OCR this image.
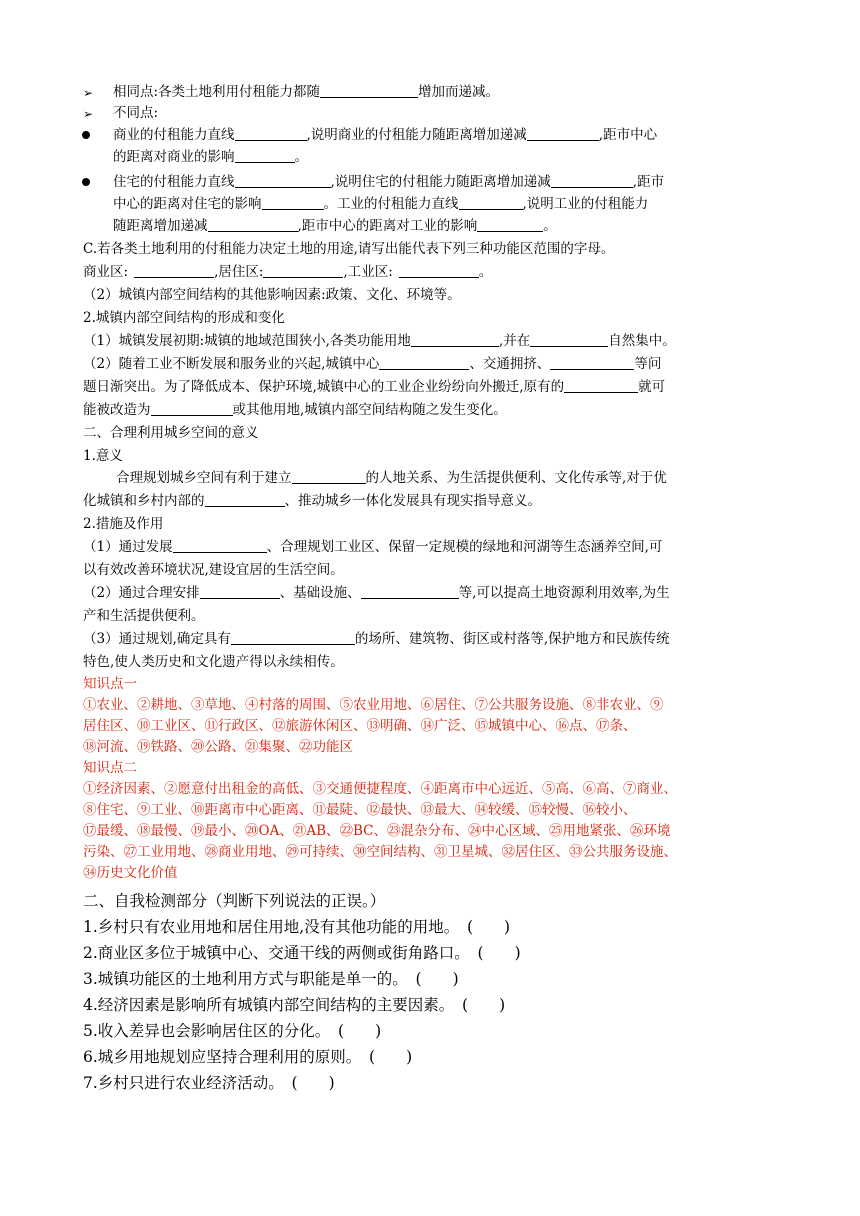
➢ 相同点:各类土地利用付租能力都随	增加而递减。
➢ 不同点:
商业的付租能力直线	,说明商业的付租能力随距离增加递减	,距市中心
的距离对商业的影响	。
住宅的付租能力直线	,说明住宅的付租能力随距离增加递减	,距市
中心的距离对住宅的影响	。工业的付租能力直线	,说明工业的付租能力
随距离增加递减	,距市中心的距离对工业的影响	。
C.若各类土地利用的付租能力决定土地的用途,请写出能代表下列三种功能区范围的字母。
商业区:	,居住区:	,工业区:	。
（2）城镇内部空间结构的其他影响因素:政策、文化、环境等。
2.城镇内部空间结构的形成和变化
（1）城镇发展初期:城镇的地域范围狭小,各类功能用地	,并在	自然集中。
（2）随着工业不断发展和服务业的兴起,城镇中心	、交通拥挤、	等问
题日渐突出。为了降低成本、保护环境,城镇中心的工业企业纷纷向外搬迁,原有的	就可
能被改造为	或其他用地,城镇内部空间结构随之发生变化。
二、合理利用城乡空间的意义
1.意义
合理规划城乡空间有利于建立	的人地关系、为生活提供便利、文化传承等,对于优
化城镇和乡村内部的	、推动城乡一体化发展具有现实指导意义。
2.措施及作用
（1）通过发展	、合理规划工业区、保留一定规模的绿地和河湖等生态涵养空间,可
以有效改善环境状况,建设宜居的生活空间。
（2）通过合理安排	、基础设施、	等,可以提高土地资源利用效率,为生
产和生活提供便利。
（3）通过规划,确定具有	的场所、建筑物、街区或村落等,保护地方和民族传统
特色,使人类历史和文化遗产得以永续相传。
知识点一
①农业、②耕地、③草地、④村落的周围、⑤农业用地、⑥居住、⑦公共服务设施、⑧非农业、⑨
居住区、⑩工业区、⑪行政区、⑫旅游休闲区、⑬明确、⑭广泛、⑮城镇中心、⑯点、⑰条、
⑱河流、⑲铁路、⑳公路、㉑集聚、㉒功能区
知识点二
①经济因素、②愿意付出租金的高低、③交通便捷程度、④距离市中心远近、⑤高、⑥高、⑦商业、
⑧住宅、⑨工业、⑩距离市中心距离、⑪最陡、⑫最快、⑬最大、⑭较缓、⑮较慢、⑯较小、
⑰最缓、⑱最慢、⑲最小、⑳OA、㉑AB、㉒BC、㉓混杂分布、㉔中心区域、㉕用地紧张、㉖环境
污染、㉗工业用地、㉘商业用地、㉙可持续、㉚空间结构、㉛卫星城、㉜居住区、㉝公共服务设施、
㉞历史文化价值
二、自我检测部分（判断下列说法的正误。）
1.乡村只有农业用地和居住用地,没有其他功能的用地。　(　　)
2.商业区多位于城镇中心、交通干线的两侧或街角路口。　(　　)
3.城镇功能区的土地利用方式与职能是单一的。　(　　)
4.经济因素是影响所有城镇内部空间结构的主要因素。　(　　)
5.收入差异也会影响居住区的分化。　(　　)
6.城乡用地规划应坚持合理利用的原则。　(　　)
7.乡村只进行农业经济活动。　(　　)
